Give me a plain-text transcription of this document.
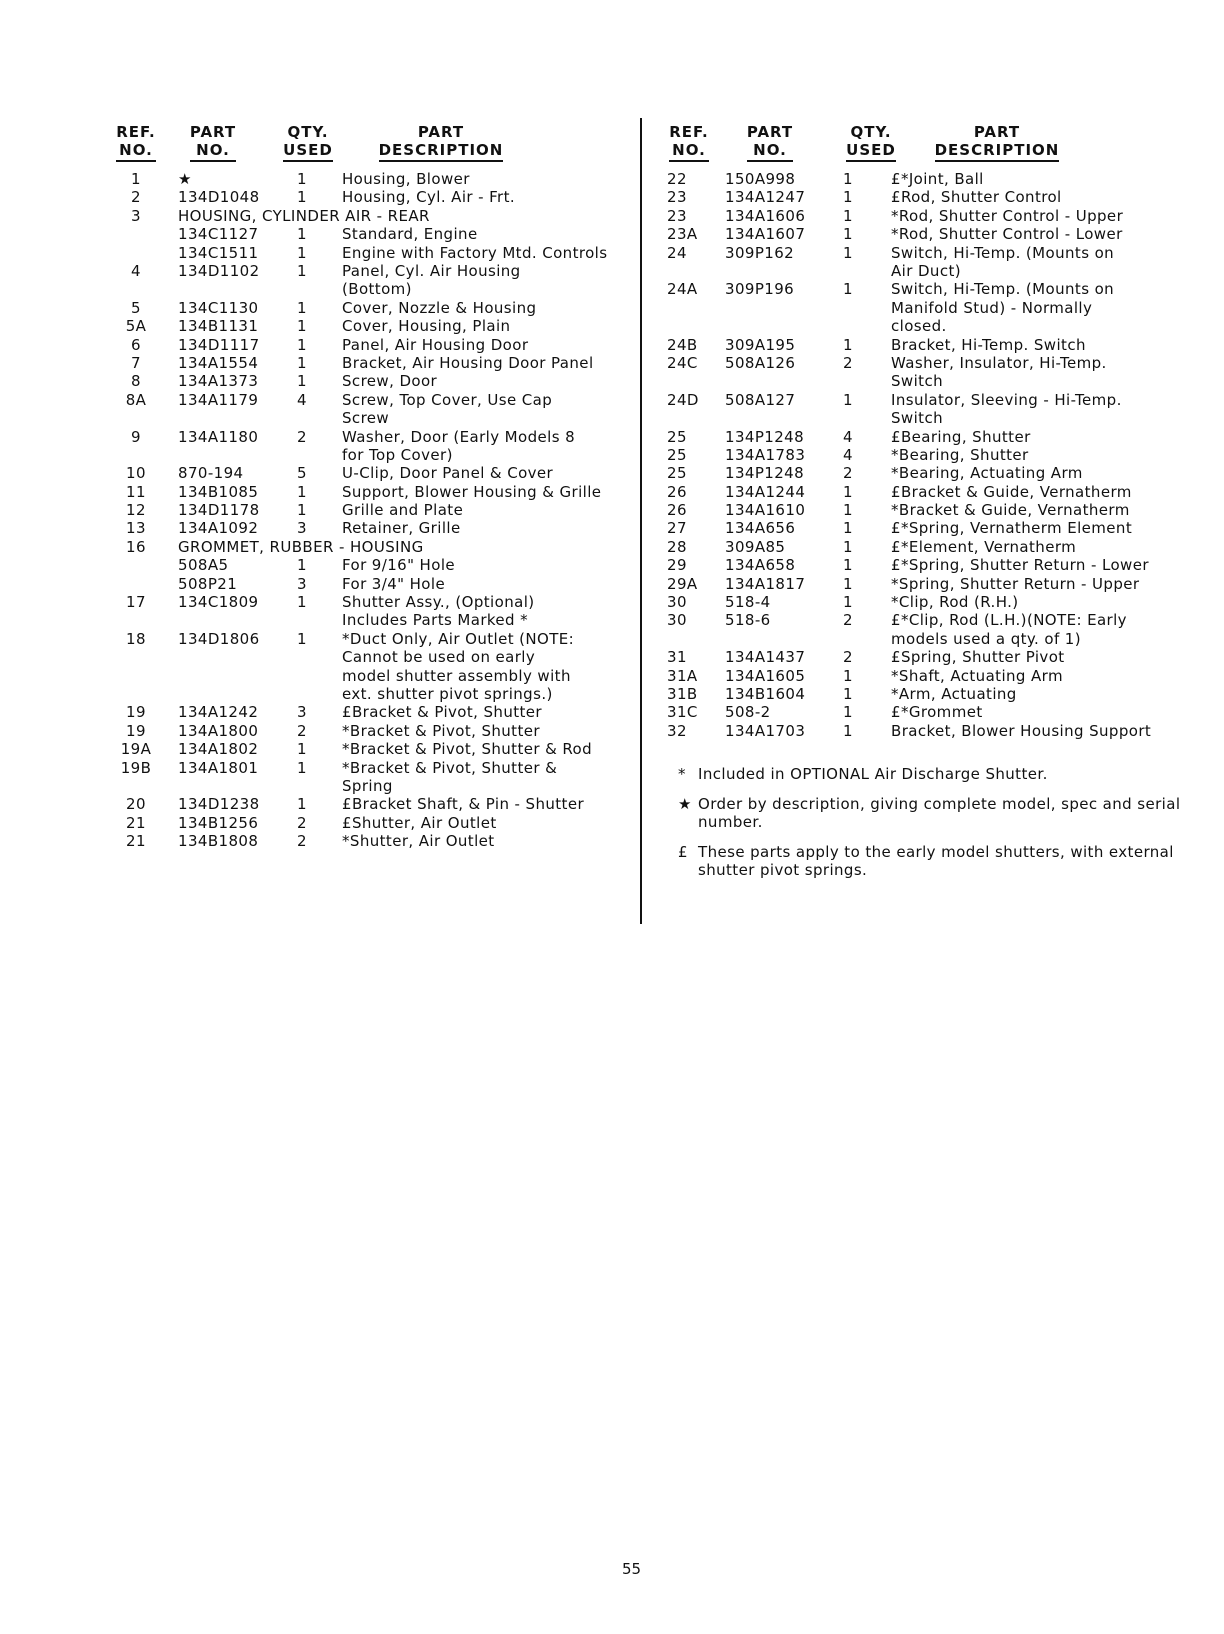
REF.
NO.
PART
NO.
QTY.
USED
PART
DESCRIPTION
1	★	1	Housing, Blower
2	134D1048	1	Housing, Cyl. Air - Frt.
3	HOUSING, CYLINDER AIR - REAR
134C1127	1	Standard, Engine
134C1511	1	Engine with Factory Mtd. Controls
4	134D1102	1	Panel, Cyl. Air Housing
(Bottom)
5	134C1130	1	Cover, Nozzle & Housing
5A	134B1131	1	Cover, Housing, Plain
6	134D1117	1	Panel, Air Housing Door
7	134A1554	1	Bracket, Air Housing Door Panel
8	134A1373	1	Screw, Door
8A	134A1179	4	Screw, Top Cover, Use Cap
Screw
9	134A1180	2	Washer, Door (Early Models 8
for Top Cover)
10	870-194	5	U-Clip, Door Panel & Cover
11	134B1085	1	Support, Blower Housing & Grille
12	134D1178	1	Grille and Plate
13	134A1092	3	Retainer, Grille
16	GROMMET, RUBBER - HOUSING
508A5	1	For 9/16" Hole
508P21	3	For 3/4" Hole
17	134C1809	1	Shutter Assy., (Optional)
Includes Parts Marked *
18	134D1806	1	*Duct Only, Air Outlet (NOTE:
Cannot be used on early
model shutter assembly with
ext. shutter pivot springs.)
19	134A1242	3	£Bracket & Pivot, Shutter
19	134A1800	2	*Bracket & Pivot, Shutter
19A	134A1802	1	*Bracket & Pivot, Shutter & Rod
19B	134A1801	1	*Bracket & Pivot, Shutter &
Spring
20	134D1238	1	£Bracket Shaft, & Pin - Shutter
21	134B1256	2	£Shutter, Air Outlet
21	134B1808	2	*Shutter, Air Outlet
REF.
NO.
PART
NO.
QTY.
USED
PART
DESCRIPTION
22	150A998	1	£*Joint, Ball
23	134A1247	1	£Rod, Shutter Control
23	134A1606	1	*Rod, Shutter Control - Upper
23A	134A1607	1	*Rod, Shutter Control - Lower
24	309P162	1	Switch, Hi-Temp. (Mounts on
Air Duct)
24A	309P196	1	Switch, Hi-Temp. (Mounts on
Manifold Stud) - Normally
closed.
24B	309A195	1	Bracket, Hi-Temp. Switch
24C	508A126	2	Washer, Insulator, Hi-Temp.
Switch
24D 508A127	1	Insulator, Sleeving - Hi-Temp.
Switch
25	134P1248	4	£Bearing, Shutter
25	134A1783	4	*Bearing, Shutter
25	134P1248	2	*Bearing, Actuating Arm
26	134A1244	1	£Bracket & Guide, Vernatherm
26	134A1610	1	*Bracket & Guide, Vernatherm
27	134A656	1	£*Spring, Vernatherm Element
28	309A85	1	£*Element, Vernatherm
29	134A658	1	£*Spring, Shutter Return - Lower
29A	134A1817	1	*Spring, Shutter Return - Upper
30	518-4	1	*Clip, Rod (R.H.)
30	518-6	2	£*Clip, Rod (L.H.)(NOTE: Early
models used a qty. of 1)
31	134A1437	2	£Spring, Shutter Pivot
31A	134A1605	1	*Shaft, Actuating Arm
31B	134B1604	1	*Arm, Actuating
31C	508-2	1	£*Grommet
32	134A1703	1	Bracket, Blower Housing Support
* Included in OPTIONAL Air Discharge Shutter.
★ Order by description, giving complete model, spec and serial number.
£ These parts apply to the early model shutters, with external shutter pivot springs.
55
